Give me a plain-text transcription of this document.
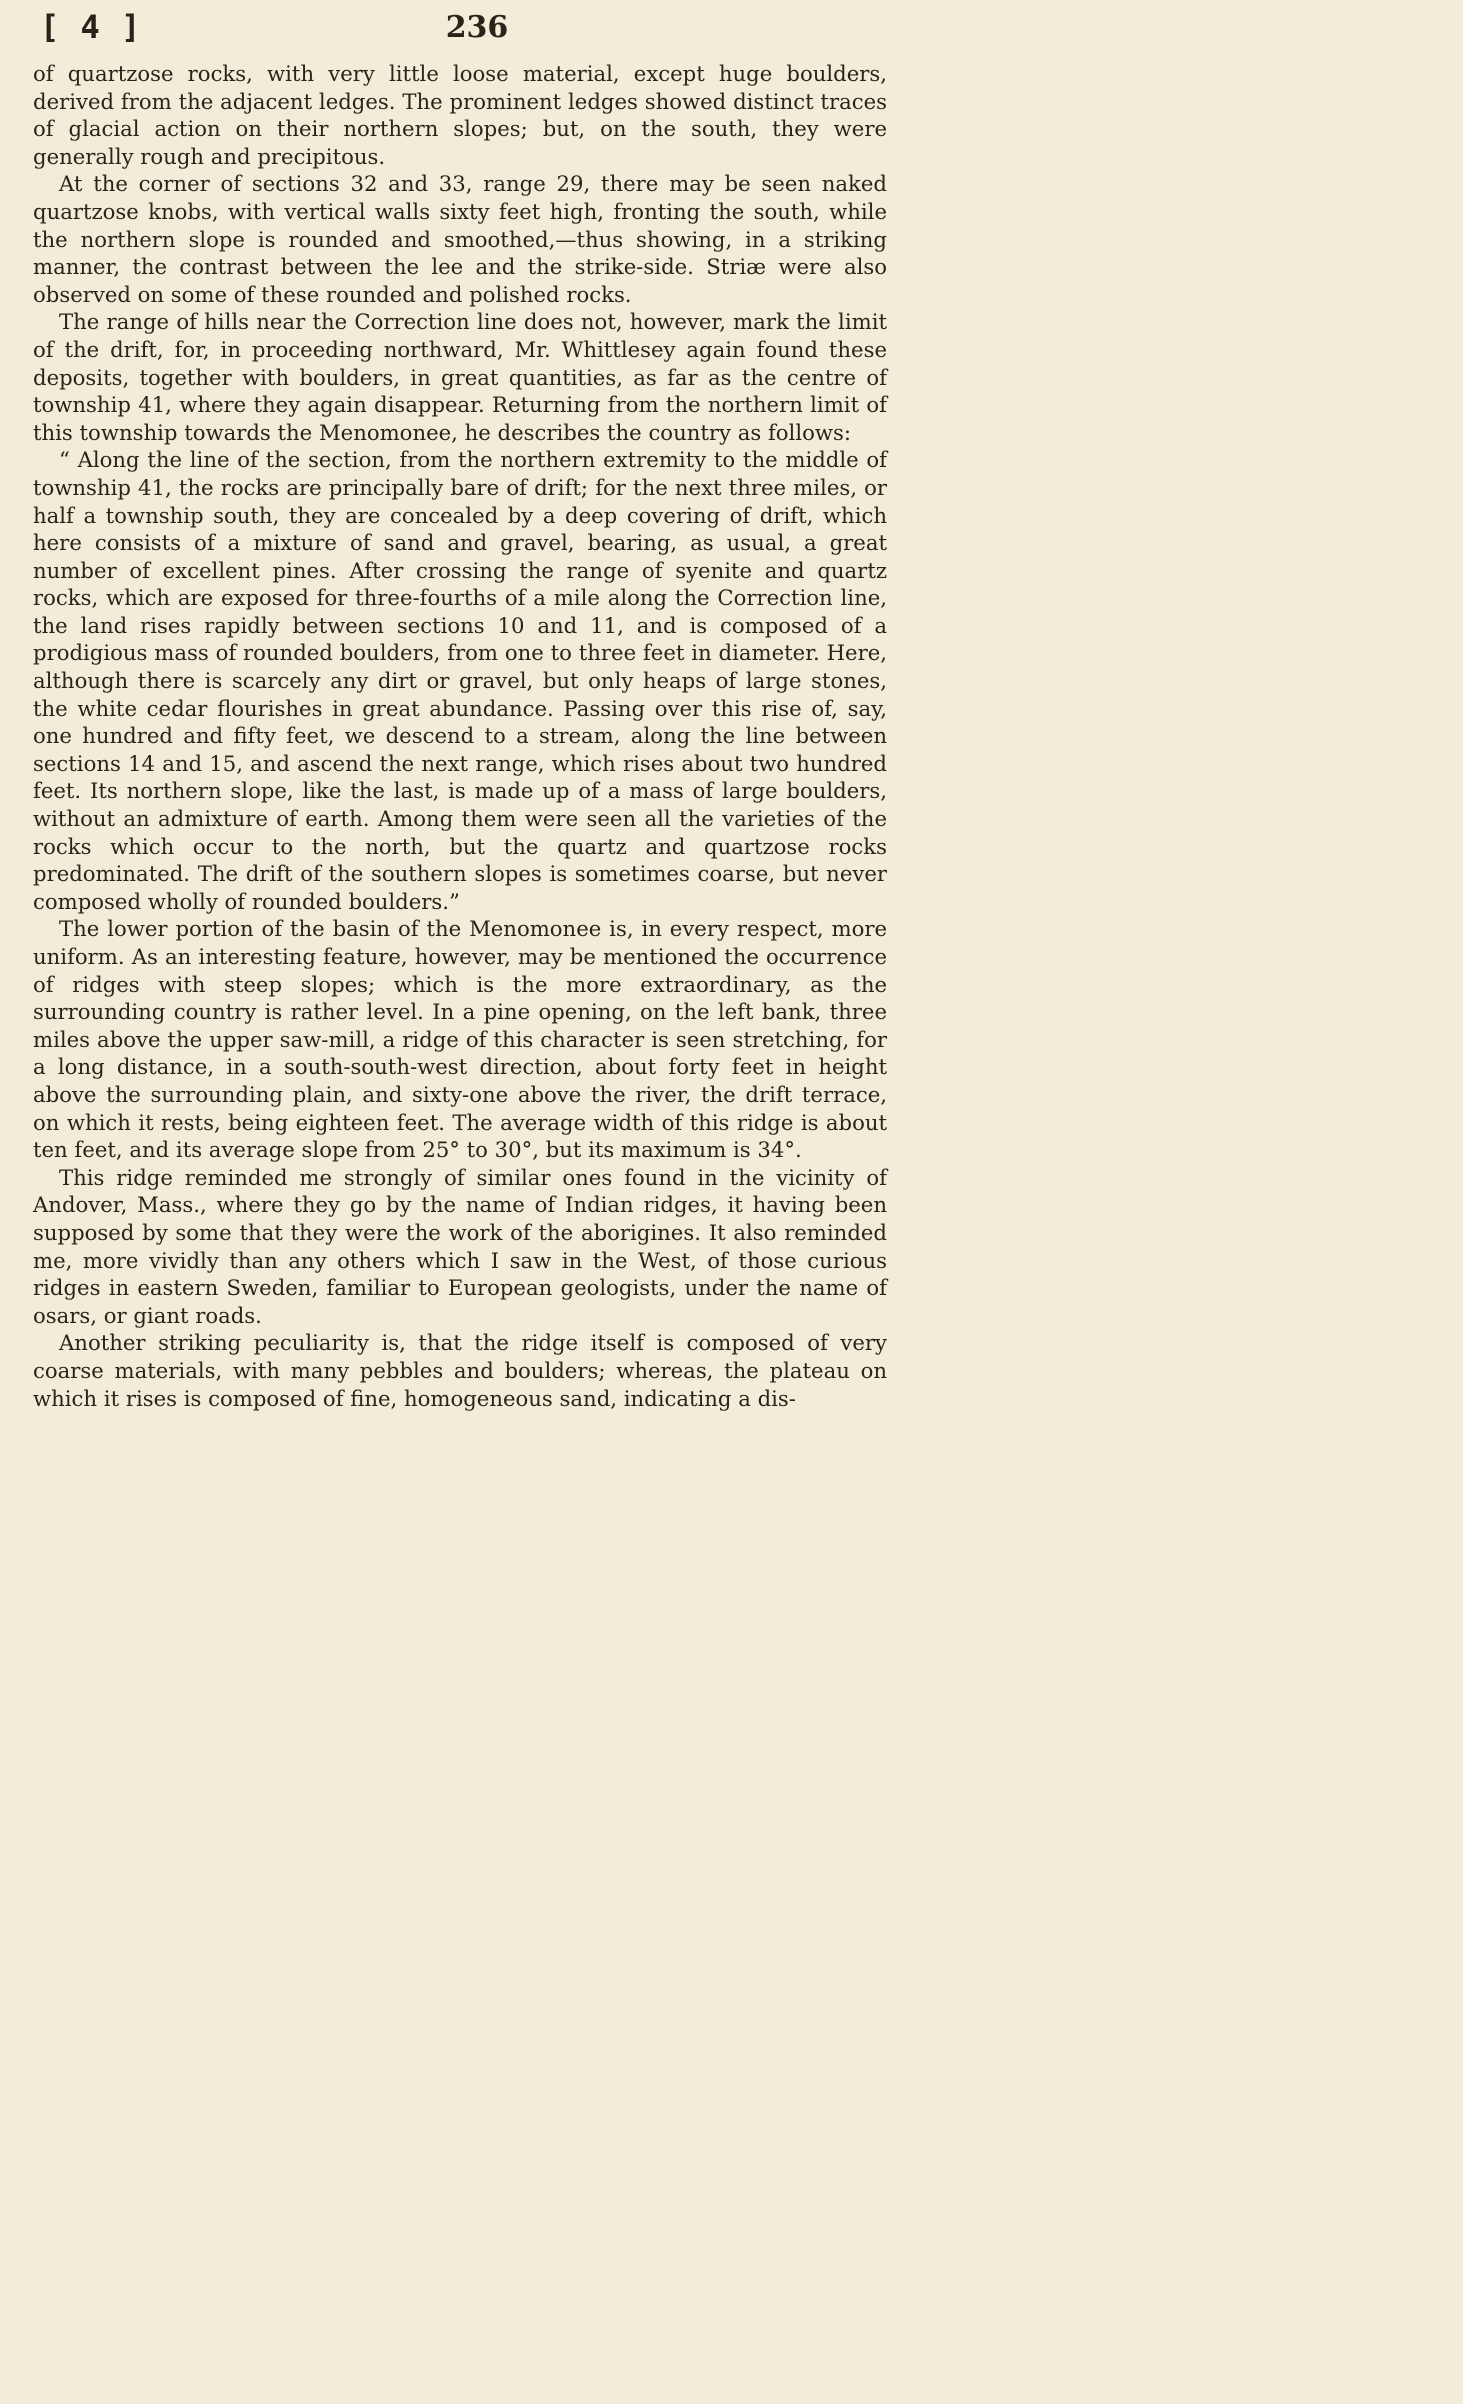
[ 4 ]	236

of quartzose rocks, with very little loose material, except huge boulders, derived from the adjacent ledges. The prominent ledges showed distinct traces of glacial action on their northern slopes; but, on the south, they were generally rough and precipitous.

At the corner of sections 32 and 33, range 29, there may be seen naked quartzose knobs, with vertical walls sixty feet high, fronting the south, while the northern slope is rounded and smoothed,—thus showing, in a striking manner, the contrast between the lee and the strike-side. Striæ were also observed on some of these rounded and polished rocks.

The range of hills near the Correction line does not, however, mark the limit of the drift, for, in proceeding northward, Mr. Whittlesey again found these deposits, together with boulders, in great quantities, as far as the centre of township 41, where they again disappear. Returning from the northern limit of this township towards the Menomonee, he describes the country as follows:

“ Along the line of the section, from the northern extremity to the middle of township 41, the rocks are principally bare of drift; for the next three miles, or half a township south, they are concealed by a deep covering of drift, which here consists of a mixture of sand and gravel, bearing, as usual, a great number of excellent pines. After crossing the range of syenite and quartz rocks, which are exposed for three-fourths of a mile along the Correction line, the land rises rapidly between sections 10 and 11, and is composed of a prodigious mass of rounded boulders, from one to three feet in diameter. Here, although there is scarcely any dirt or gravel, but only heaps of large stones, the white cedar flourishes in great abundance. Passing over this rise of, say, one hundred and fifty feet, we descend to a stream, along the line between sections 14 and 15, and ascend the next range, which rises about two hundred feet. Its northern slope, like the last, is made up of a mass of large boulders, without an admixture of earth. Among them were seen all the varieties of the rocks which occur to the north, but the quartz and quartzose rocks predominated. The drift of the southern slopes is sometimes coarse, but never composed wholly of rounded boulders.”

The lower portion of the basin of the Menomonee is, in every respect, more uniform. As an interesting feature, however, may be mentioned the occurrence of ridges with steep slopes; which is the more extraordinary, as the surrounding country is rather level. In a pine opening, on the left bank, three miles above the upper saw-mill, a ridge of this character is seen stretching, for a long distance, in a south-south-west direction, about forty feet in height above the surrounding plain, and sixty-one above the river, the drift terrace, on which it rests, being eighteen feet. The average width of this ridge is about ten feet, and its average slope from 25° to 30°, but its maximum is 34°.

This ridge reminded me strongly of similar ones found in the vicinity of Andover, Mass., where they go by the name of Indian ridges, it having been supposed by some that they were the work of the aborigines. It also reminded me, more vividly than any others which I saw in the West, of those curious ridges in eastern Sweden, familiar to European geologists, under the name of osars, or giant roads.

Another striking peculiarity is, that the ridge itself is composed of very coarse materials, with many pebbles and boulders; whereas, the plateau on which it rises is composed of fine, homogeneous sand, indicating a dis-
